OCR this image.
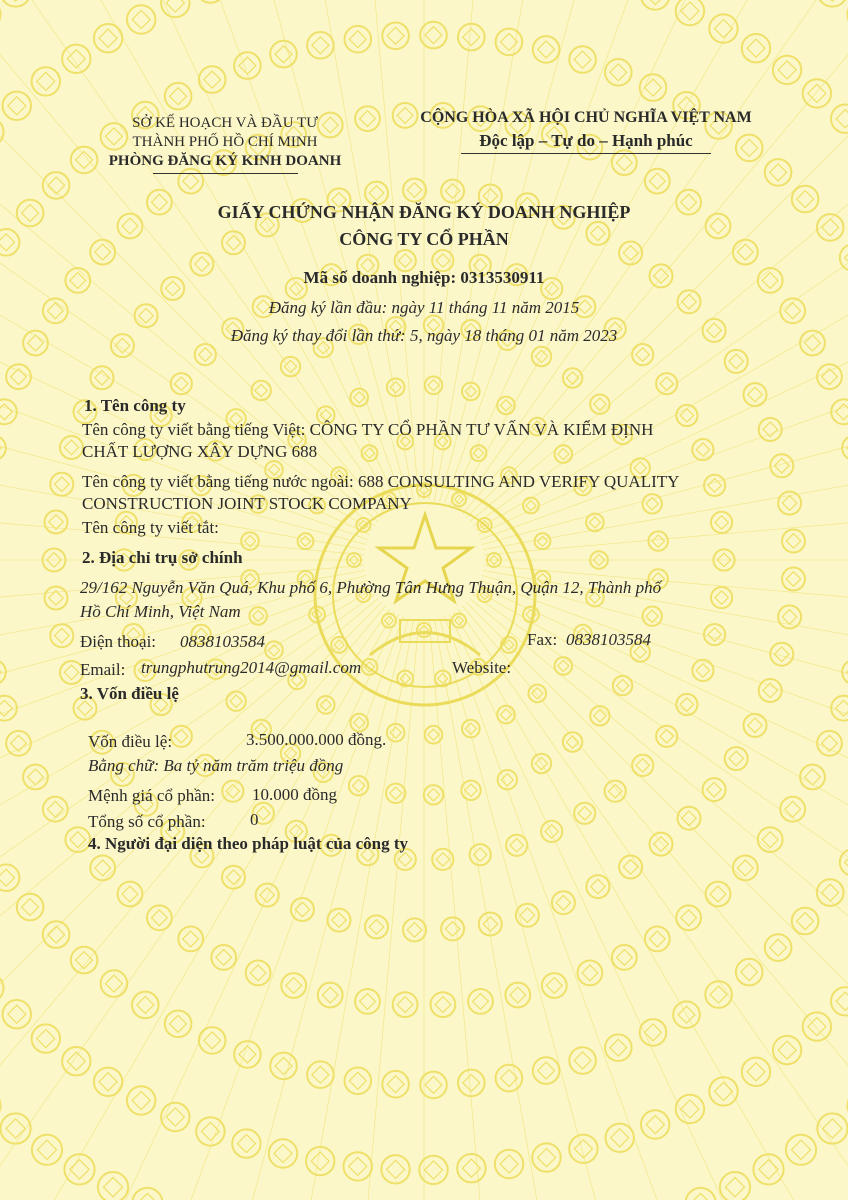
SỞ KẾ HOẠCH VÀ ĐẦU TƯ
THÀNH PHỐ HỒ CHÍ MINH
PHÒNG ĐĂNG KÝ KINH DOANH
CỘNG HÒA XÃ HỘI CHỦ NGHĨA VIỆT NAM
Độc lập – Tự do – Hạnh phúc
GIẤY CHỨNG NHẬN ĐĂNG KÝ DOANH NGHIỆP
CÔNG TY CỔ PHẦN
Mã số doanh nghiệp: 0313530911
Đăng ký lần đầu: ngày 11 tháng 11 năm 2015
Đăng ký thay đổi lần thứ: 5, ngày 18 tháng 01 năm 2023
1. Tên công ty
Tên công ty viết bằng tiếng Việt: CÔNG TY CỔ PHẦN TƯ VẤN VÀ KIỂM ĐỊNH
CHẤT LƯỢNG XÂY DỰNG 688
Tên công ty viết bằng tiếng nước ngoài: 688 CONSULTING AND VERIFY QUALITY
CONSTRUCTION JOINT STOCK COMPANY
Tên công ty viết tắt:
2. Địa chỉ trụ sở chính
29/162 Nguyễn Văn Quá, Khu phố 6, Phường Tân Hưng Thuận, Quận 12, Thành phố
Hồ Chí Minh, Việt Nam
Điện thoại: 0838103584	Fax: 0838103584
Email: trungphutrung2014@gmail.com	Website:
3. Vốn điều lệ
Vốn điều lệ:	3.500.000.000 đồng.
Bằng chữ: Ba tỷ năm trăm triệu đồng
Mệnh giá cổ phần: 10.000 đồng
Tổng số cổ phần:	0
4. Người đại diện theo pháp luật của công ty
